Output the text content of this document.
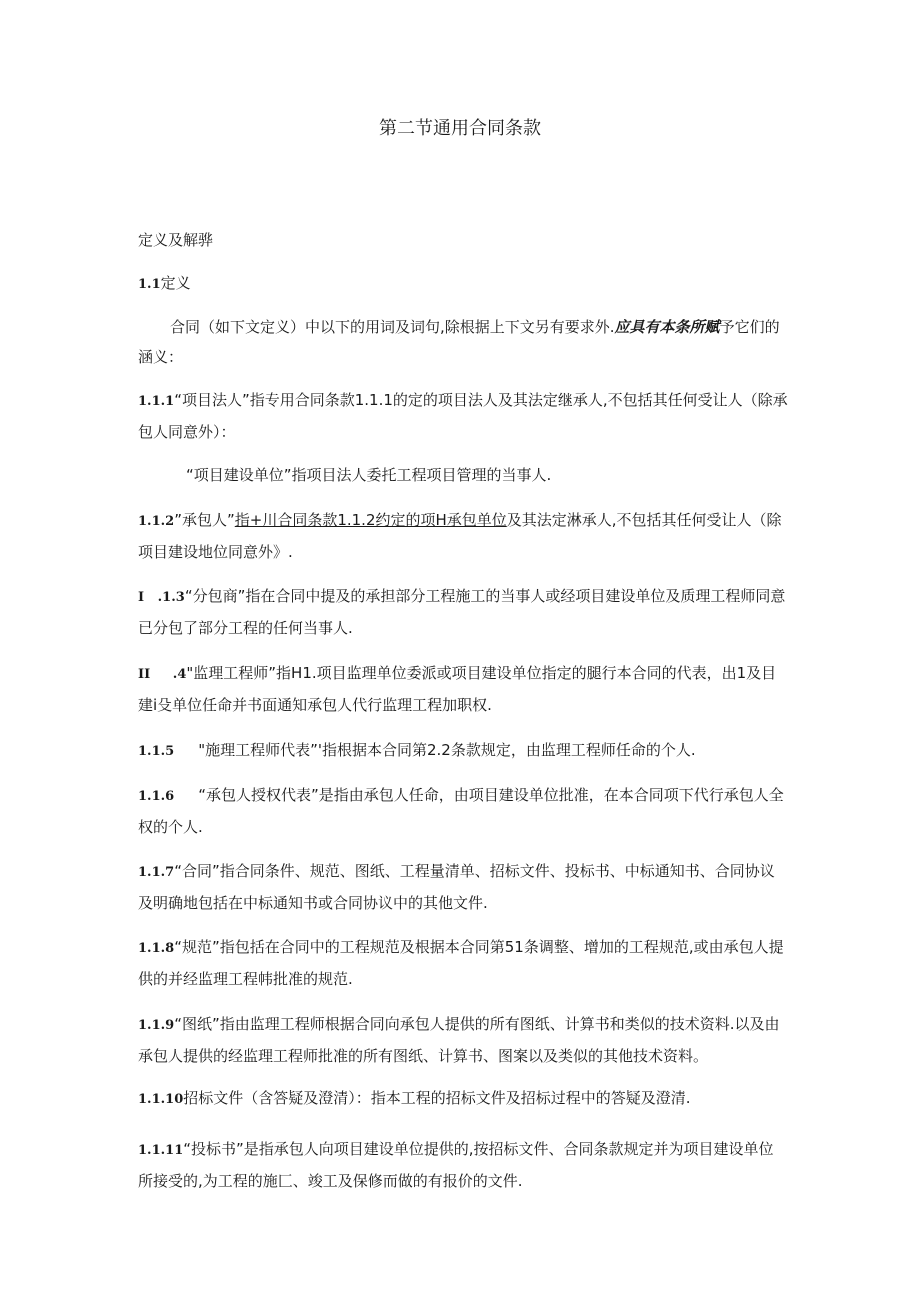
第二节通用合同条款
定义及解骅
1.1定义
合同（如下文定义）中以下的用词及词句,除根据上下文另有要求外.应具有本条所赋予它们的涵义：
1.1.1“项目法人”指专用合同条款1.1.1的定的项目法人及其法定继承人,不包括其任何受让人（除承包人同意外）：
“项目建设单位”指项目法人委托工程项目管理的当事人.
1.1.2”承包人”指+川合同条款1.1.2约定的项H承包单位及其法定淋承人,不包括其任何受让人（除项目建设地位同意外》.
I   .1.3“分包商”指在合同中提及的承担部分工程施工的当事人或经项目建设单位及质理工程师同意已分包了部分工程的任何当事人.
II     .4"监理工程师”指H1.项目监理单位委派或项目建设单位指定的腿行本合同的代表，出1及目建i殳单位任命并书面通知承包人代行监理工程加职权.
1.1.5 "施理工程师代表”'指根据本合同第2.2条款规定，由监理工程师任命的个人.
1.1.6 “承包人授权代表”是指由承包人任命，由项目建设单位批准，在本合同项下代行承包人全权的个人.
1.1.7“合同”指合同条件、规范、图纸、工程量清单、招标文件、投标书、中标通知书、合同协议及明确地包括在中标通知书或合同协议中的其他文件.
1.1.8“规范”指包括在合同中的工程规范及根据本合同第51条调整、增加的工程规范,或由承包人提供的并经监理工程帏批准的规范.
1.1.9“图纸”指由监理工程师根据合同向承包人提供的所有图纸、计算书和类似的技术资料.以及由承包人提供的经监理工程师批准的所有图纸、计算书、图案以及类似的其他技术资料。
1.1.10招标文件（含答疑及澄清）：指本工程的招标文件及招标过程中的答疑及澄清.
1.1.11“投标书”是指承包人向项目建设单位提供的,按招标文件、合同条款规定并为项目建设单位所接受的,为工程的施匚、竣工及保修而做的有报价的文件.
